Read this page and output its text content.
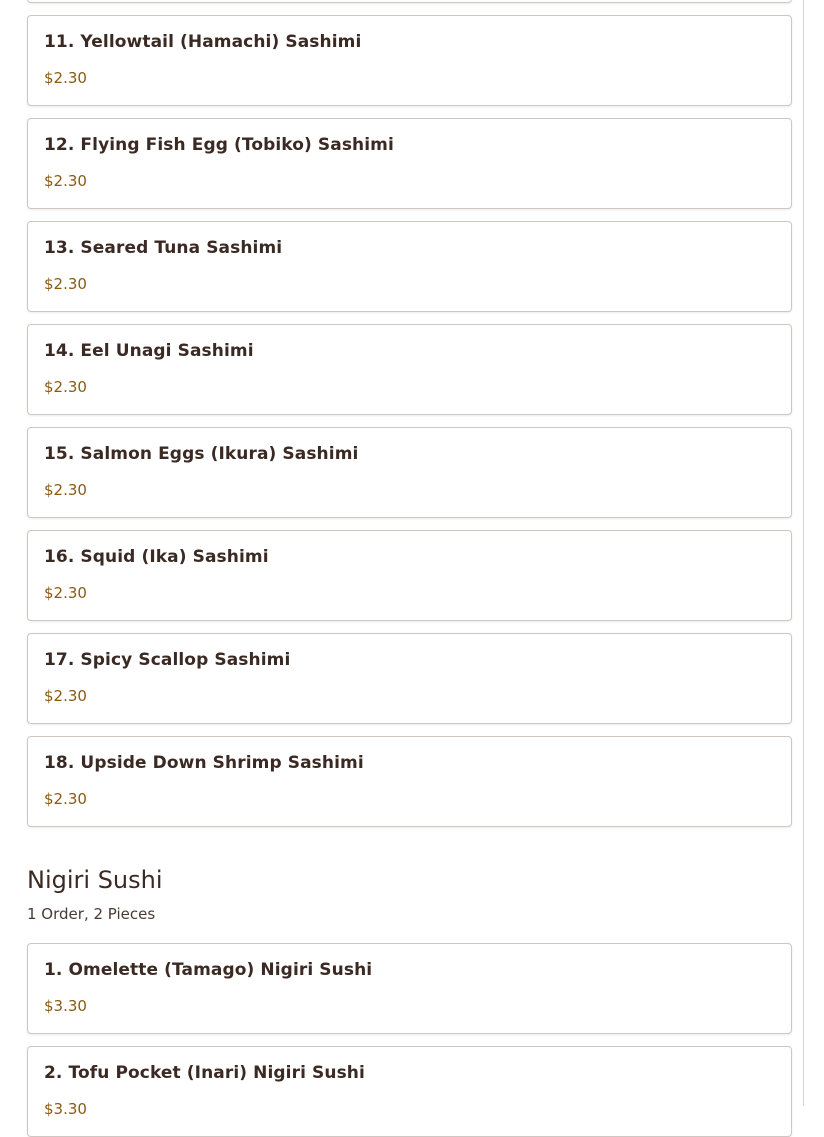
11. Yellowtail (Hamachi) Sashimi
$2.30
12. Flying Fish Egg (Tobiko) Sashimi
$2.30
13. Seared Tuna Sashimi
$2.30
14. Eel Unagi Sashimi
$2.30
15. Salmon Eggs (Ikura) Sashimi
$2.30
16. Squid (Ika) Sashimi
$2.30
17. Spicy Scallop Sashimi
$2.30
18. Upside Down Shrimp Sashimi
$2.30
Nigiri Sushi
1 Order, 2 Pieces
1. Omelette (Tamago) Nigiri Sushi
$3.30
2. Tofu Pocket (Inari) Nigiri Sushi
$3.30
